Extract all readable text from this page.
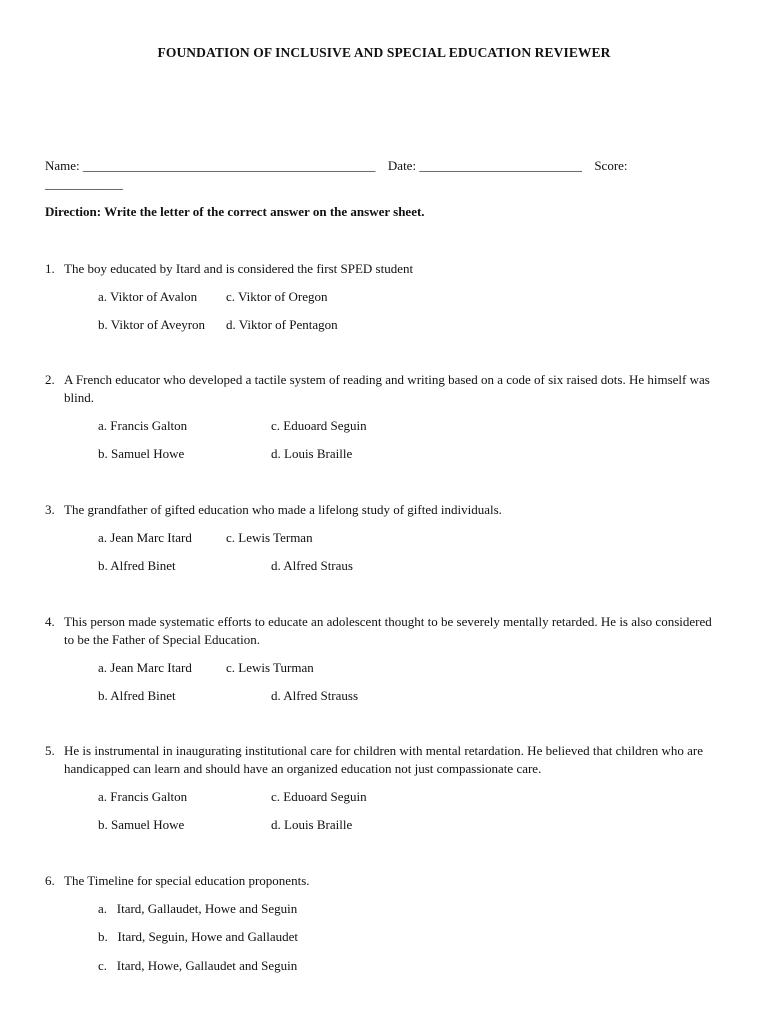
FOUNDATION OF INCLUSIVE AND SPECIAL EDUCATION REVIEWER
Name: _____________________________________________ Date: _________________________ Score:
____________
Direction: Write the letter of the correct answer on the answer sheet.
1. The boy educated by Itard and is considered the first SPED student
a. Viktor of Avalon c. Viktor of Oregon
b. Viktor of Aveyron d. Viktor of Pentagon
2. A French educator who developed a tactile system of reading and writing based on a code of six raised dots. He himself was blind.
a. Francis Galton	c. Eduoard Seguin
b. Samuel Howe	d. Louis Braille
3. The grandfather of gifted education who made a lifelong study of gifted individuals.
a. Jean Marc Itard	c. Lewis Terman
b. Alfred Binet	d. Alfred Straus
4. This person made systematic efforts to educate an adolescent thought to be severely mentally retarded. He is also considered to be the Father of Special Education.
a. Jean Marc Itard	c. Lewis Turman
b. Alfred Binet	d. Alfred Strauss
5. He is instrumental in inaugurating institutional care for children with mental retardation. He believed that children who are handicapped can learn and should have an organized education not just compassionate care.
a. Francis Galton	c. Eduoard Seguin
b. Samuel Howe	d. Louis Braille
6. The Timeline for special education proponents.
a.   Itard, Gallaudet, Howe and Seguin
b.   Itard, Seguin, Howe and Gallaudet
c.   Itard, Howe, Gallaudet and Seguin
